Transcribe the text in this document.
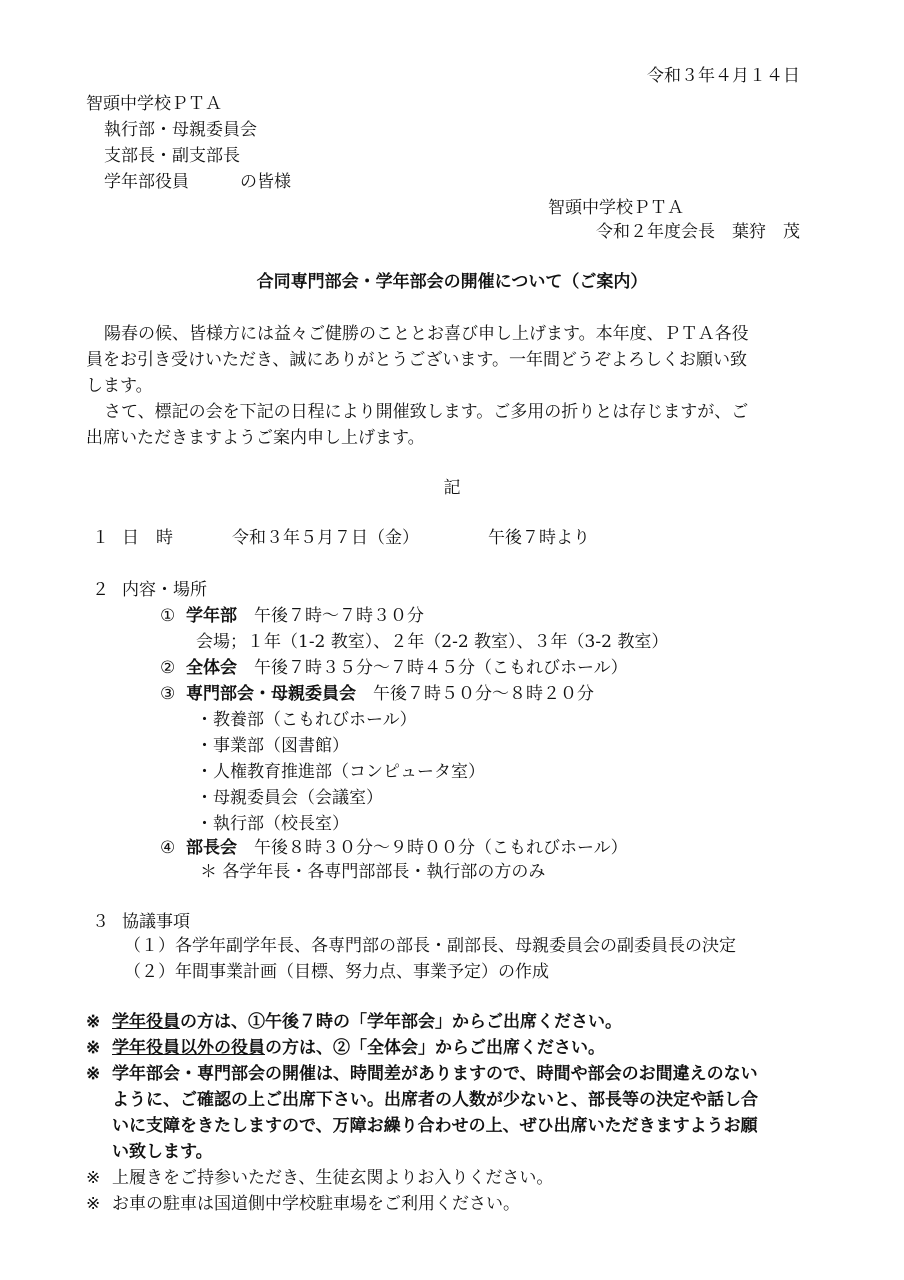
令和３年４月１４日
智頭中学校ＰＴＡ
執行部・母親委員会
支部長・副支部長
学年部役員　　　の皆様
智頭中学校ＰＴＡ
令和２年度会長　葉狩　茂
合同専門部会・学年部会の開催について（ご案内）
陽春の候、皆様方には益々ご健勝のこととお喜び申し上げます。本年度、ＰＴＡ各役
員をお引き受けいただき、誠にありがとうございます。一年間どうぞよろしくお願い致
します。
さて、標記の会を下記の日程により開催致します。ご多用の折りとは存じますが、ご
出席いただきますようご案内申し上げます。
記
１ 日　時	令和３年５月７日（金）	午後７時より
２ 内容・場所
① 学年部　 午後７時～７時３０分
会場；１年（1-2 教室）、２年（2-2 教室）、３年（3-2 教室）
② 全体会　 午後７時３５分～７時４５分（こもれびホール）
③ 専門部会・母親委員会　 午後７時５０分～８時２０分
・教養部（こもれびホール）
・事業部（図書館）
・人権教育推進部（コンピュータ室）
・母親委員会（会議室）
・執行部（校長室）
④ 部長会　 午後８時３０分～９時００分（こもれびホール）
＊ 各学年長・各専門部部長・執行部の方のみ
３ 協議事項
（１）各学年副学年長、各専門部の部長・副部長、母親委員会の副委員長の決定
（２）年間事業計画（目標、努力点、事業予定）の作成
※ 学年役員の方は、①午後７時の「学年部会」からご出席ください。
※ 学年役員以外の役員の方は、②「全体会」からご出席ください。
※ 学年部会・専門部会の開催は、時間差がありますので、時間や部会のお間違えのない
ように、ご確認の上ご出席下さい。出席者の人数が少ないと、部長等の決定や話し合
いに支障をきたしますので、万障お繰り合わせの上、ぜひ出席いただきますようお願
い致します。
※ 上履きをご持参いただき、生徒玄関よりお入りください。
※ お車の駐車は国道側中学校駐車場をご利用ください。
